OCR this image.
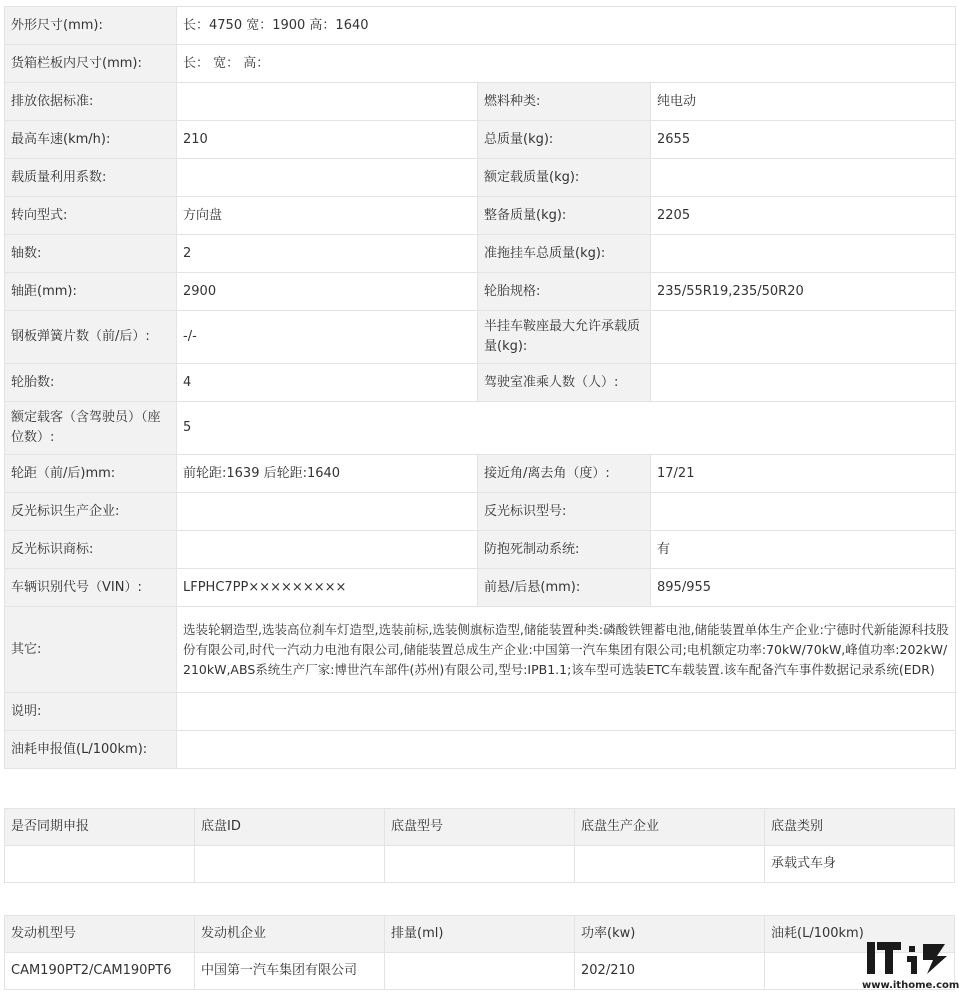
外形尺寸(mm):	长：4750 宽：1900 高：1640		
货箱栏板内尺寸(mm):	长： 宽： 高：		
排放依据标准:		燃料种类:	纯电动
最高车速(km/h):	210	总质量(kg):	2655
载质量利用系数:		额定载质量(kg):	
转向型式:	方向盘	整备质量(kg):	2205
轴数:	2	准拖挂车总质量(kg):	
轴距(mm):	2900	轮胎规格:	235/55R19,235/50R20
钢板弹簧片数（前/后）:	-/-	半挂车鞍座最大允许承载质量(kg):	
轮胎数:	4	驾驶室准乘人数（人）:	
额定载客（含驾驶员）（座位数）:	5		
轮距（前/后)mm:	前轮距:1639 后轮距:1640	接近角/离去角（度）:	17/21
反光标识生产企业:		反光标识型号:	
反光标识商标:		防抱死制动系统:	有
车辆识别代号（VIN）:	LFPHC7PP×××××××××	前悬/后悬(mm):	895/955
其它:	选装轮辋造型,选装高位刹车灯造型,选装前标,选装侧旗标造型,储能装置种类:磷酸铁锂蓄电池,储能装置单体生产企业:宁德时代新能源科技股份有限公司,时代一汽动力电池有限公司,储能装置总成生产企业:中国第一汽车集团有限公司;电机额定功率:70kW/70kW,峰值功率:202kW/210kW,ABS系统生产厂家:博世汽车部件(苏州)有限公司,型号:IPB1.1;该车型可选装ETC车载装置.该车配备汽车事件数据记录系统(EDR)		
说明:			
油耗申报值(L/100km):			
是否同期申报	底盘ID	底盘型号	底盘生产企业	底盘类别
				承载式车身
发动机型号	发动机企业	排量(ml)	功率(kw)	油耗(L/100km)
CAM190PT2/CAM190PT6	中国第一汽车集团有限公司		202/210	
www.ithome.com
